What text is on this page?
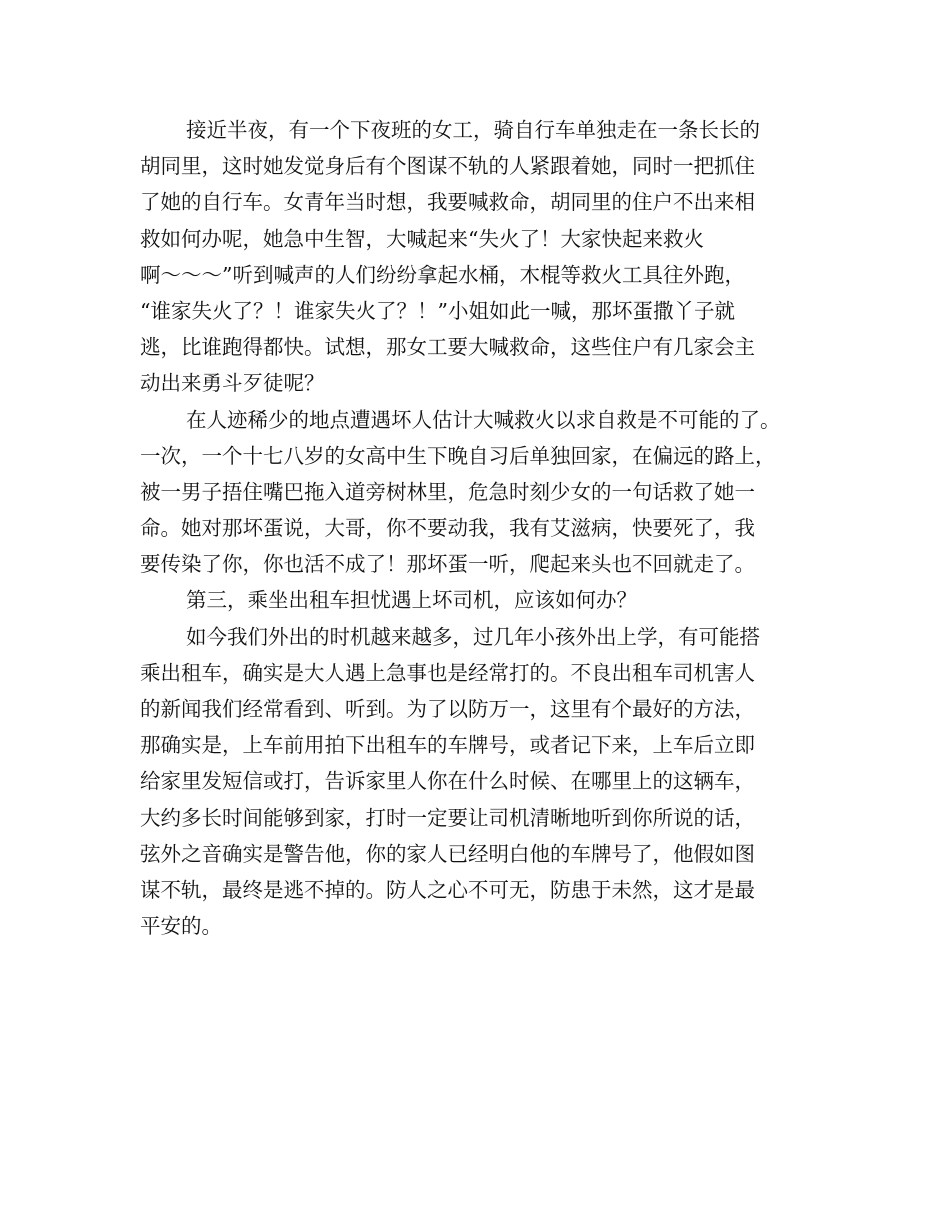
接近半夜，有一个下夜班的女工，骑自行车单独走在一条长长的
胡同里，这时她发觉身后有个图谋不轨的人紧跟着她，同时一把抓住
了她的自行车。女青年当时想，我要喊救命，胡同里的住户不出来相
救如何办呢，她急中生智，大喊起来“失火了！大家快起来救火
啊～～～”听到喊声的人们纷纷拿起水桶，木棍等救火工具往外跑，
“谁家失火了？！谁家失火了？！”小姐如此一喊，那坏蛋撒丫子就
逃，比谁跑得都快。试想，那女工要大喊救命，这些住户有几家会主
动出来勇斗歹徒呢？
在人迹稀少的地点遭遇坏人估计大喊救火以求自救是不可能的了。
一次，一个十七八岁的女高中生下晚自习后单独回家，在偏远的路上，
被一男子捂住嘴巴拖入道旁树林里，危急时刻少女的一句话救了她一
命。她对那坏蛋说，大哥，你不要动我，我有艾滋病，快要死了，我
要传染了你，你也活不成了！那坏蛋一听，爬起来头也不回就走了。
第三，乘坐出租车担忧遇上坏司机，应该如何办？
如今我们外出的时机越来越多，过几年小孩外出上学，有可能搭
乘出租车，确实是大人遇上急事也是经常打的。不良出租车司机害人
的新闻我们经常看到、听到。为了以防万一，这里有个最好的方法，
那确实是，上车前用拍下出租车的车牌号，或者记下来，上车后立即
给家里发短信或打，告诉家里人你在什么时候、在哪里上的这辆车，
大约多长时间能够到家，打时一定要让司机清晰地听到你所说的话，
弦外之音确实是警告他，你的家人已经明白他的车牌号了，他假如图
谋不轨，最终是逃不掉的。防人之心不可无，防患于未然，这才是最
平安的。
